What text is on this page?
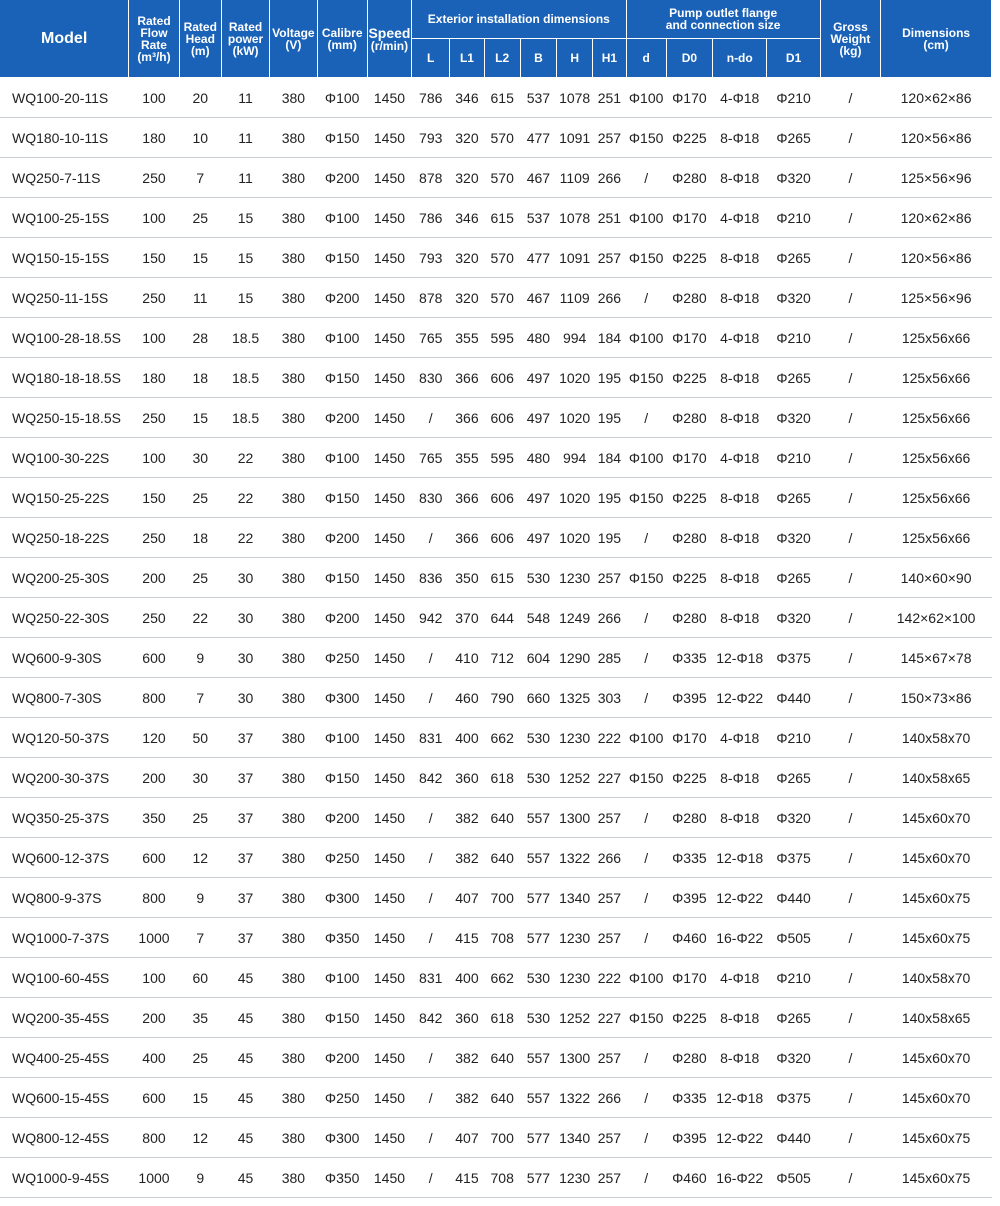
Model	Rated
Flow
Rate
(m³/h)	Rated
Head
(m)	Rated
power
(kW)	Voltage
(V)	Calibre
(mm)	Speed
(r/min)	Exterior installation dimensions						Pump outlet flange
and connection size				Gross
Weight
(kg)	Dimensions
(cm)

							L	L1	L2	B	H	H1	d	D0	n-do	D1		
WQ100-20-11S	100	20	11	380	Φ100	1450	786	346	615	537	1078	251	Φ100	Φ170	4-Φ18	Φ210	/	120×62×86
WQ180-10-11S	180	10	11	380	Φ150	1450	793	320	570	477	1091	257	Φ150	Φ225	8-Φ18	Φ265	/	120×56×86
WQ250-7-11S	250	7	11	380	Φ200	1450	878	320	570	467	1109	266	/	Φ280	8-Φ18	Φ320	/	125×56×96
WQ100-25-15S	100	25	15	380	Φ100	1450	786	346	615	537	1078	251	Φ100	Φ170	4-Φ18	Φ210	/	120×62×86
WQ150-15-15S	150	15	15	380	Φ150	1450	793	320	570	477	1091	257	Φ150	Φ225	8-Φ18	Φ265	/	120×56×86
WQ250-11-15S	250	11	15	380	Φ200	1450	878	320	570	467	1109	266	/	Φ280	8-Φ18	Φ320	/	125×56×96
WQ100-28-18.5S	100	28	18.5	380	Φ100	1450	765	355	595	480	994	184	Φ100	Φ170	4-Φ18	Φ210	/	125x56x66
WQ180-18-18.5S	180	18	18.5	380	Φ150	1450	830	366	606	497	1020	195	Φ150	Φ225	8-Φ18	Φ265	/	125x56x66
WQ250-15-18.5S	250	15	18.5	380	Φ200	1450	/	366	606	497	1020	195	/	Φ280	8-Φ18	Φ320	/	125x56x66
WQ100-30-22S	100	30	22	380	Φ100	1450	765	355	595	480	994	184	Φ100	Φ170	4-Φ18	Φ210	/	125x56x66
WQ150-25-22S	150	25	22	380	Φ150	1450	830	366	606	497	1020	195	Φ150	Φ225	8-Φ18	Φ265	/	125x56x66
WQ250-18-22S	250	18	22	380	Φ200	1450	/	366	606	497	1020	195	/	Φ280	8-Φ18	Φ320	/	125x56x66
WQ200-25-30S	200	25	30	380	Φ150	1450	836	350	615	530	1230	257	Φ150	Φ225	8-Φ18	Φ265	/	140×60×90
WQ250-22-30S	250	22	30	380	Φ200	1450	942	370	644	548	1249	266	/	Φ280	8-Φ18	Φ320	/	142×62×100
WQ600-9-30S	600	9	30	380	Φ250	1450	/	410	712	604	1290	285	/	Φ335	12-Φ18	Φ375	/	145×67×78
WQ800-7-30S	800	7	30	380	Φ300	1450	/	460	790	660	1325	303	/	Φ395	12-Φ22	Φ440	/	150×73×86
WQ120-50-37S	120	50	37	380	Φ100	1450	831	400	662	530	1230	222	Φ100	Φ170	4-Φ18	Φ210	/	140x58x70
WQ200-30-37S	200	30	37	380	Φ150	1450	842	360	618	530	1252	227	Φ150	Φ225	8-Φ18	Φ265	/	140x58x65
WQ350-25-37S	350	25	37	380	Φ200	1450	/	382	640	557	1300	257	/	Φ280	8-Φ18	Φ320	/	145x60x70
WQ600-12-37S	600	12	37	380	Φ250	1450	/	382	640	557	1322	266	/	Φ335	12-Φ18	Φ375	/	145x60x70
WQ800-9-37S	800	9	37	380	Φ300	1450	/	407	700	577	1340	257	/	Φ395	12-Φ22	Φ440	/	145x60x75
WQ1000-7-37S	1000	7	37	380	Φ350	1450	/	415	708	577	1230	257	/	Φ460	16-Φ22	Φ505	/	145x60x75
WQ100-60-45S	100	60	45	380	Φ100	1450	831	400	662	530	1230	222	Φ100	Φ170	4-Φ18	Φ210	/	140x58x70
WQ200-35-45S	200	35	45	380	Φ150	1450	842	360	618	530	1252	227	Φ150	Φ225	8-Φ18	Φ265	/	140x58x65
WQ400-25-45S	400	25	45	380	Φ200	1450	/	382	640	557	1300	257	/	Φ280	8-Φ18	Φ320	/	145x60x70
WQ600-15-45S	600	15	45	380	Φ250	1450	/	382	640	557	1322	266	/	Φ335	12-Φ18	Φ375	/	145x60x70
WQ800-12-45S	800	12	45	380	Φ300	1450	/	407	700	577	1340	257	/	Φ395	12-Φ22	Φ440	/	145x60x75
WQ1000-9-45S	1000	9	45	380	Φ350	1450	/	415	708	577	1230	257	/	Φ460	16-Φ22	Φ505	/	145x60x75
